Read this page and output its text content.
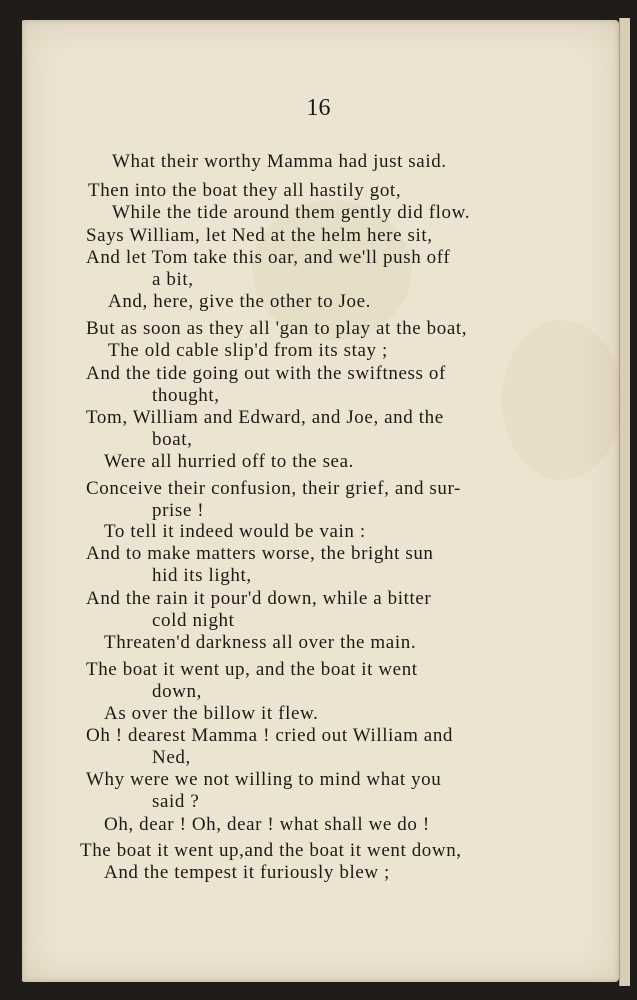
16
What their worthy Mamma had just said.
Then into the boat they all hastily got,
While the tide around them gently did flow.
Says William, let Ned at the helm here sit,
And let Tom take this oar, and we'll push off
a bit,
And, here, give the other to Joe.
But as soon as they all 'gan to play at the boat,
The old cable slip'd from its stay ;
And the tide going out with the swiftness of
thought,
Tom, William and Edward, and Joe, and the
boat,
Were all hurried off to the sea.
Conceive their confusion, their grief, and sur-
prise !
To tell it indeed would be vain :
And to make matters worse, the bright sun
hid its light,
And the rain it pour'd down, while a bitter
cold night
Threaten'd darkness all over the main.
The boat it went up, and the boat it went
down,
As over the billow it flew.
Oh ! dearest Mamma ! cried out William and
Ned,
Why were we not willing to mind what you
said ?
Oh, dear ! Oh, dear ! what shall we do !
The boat it went up,and the boat it went down,
And the tempest it furiously blew ;
